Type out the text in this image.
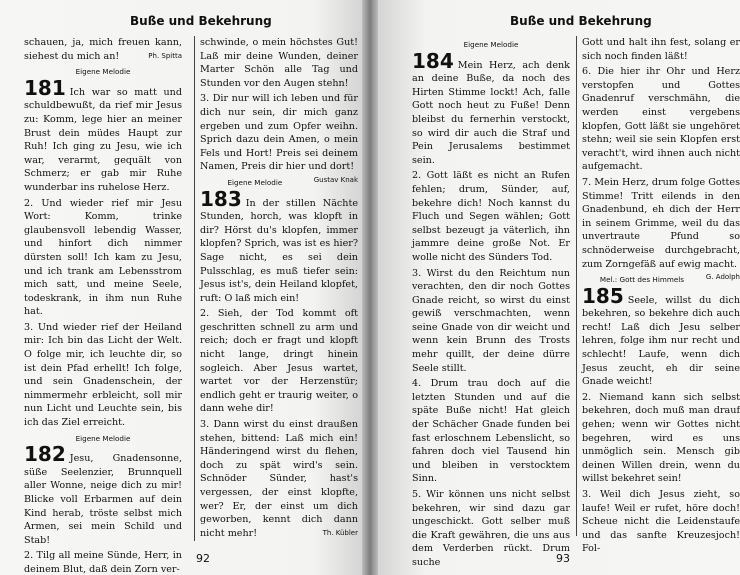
Buße und Bekehrung

schauen, ja, mich freuen kann, siehest du mich an!	Ph. Spitta

Eigene Melodie

181 Ich war so matt und schuldbewußt, da rief mir Jesus zu: Komm, lege hier an meiner Brust dein müdes Haupt zur Ruh! Ich ging zu Jesu, wie ich war, verarmt, gequält von Schmerz; er gab mir Ruhe wunderbar ins ruhelose Herz.

2. Und wieder rief mir Jesu Wort: Komm, trinke glaubensvoll lebendig Wasser, und hinfort dich nimmer dürsten soll! Ich kam zu Jesu, und ich trank am Lebensstrom mich satt, und meine Seele, todeskrank, in ihm nun Ruhe hat.

3. Und wieder rief der Heiland mir: Ich bin das Licht der Welt. O folge mir, ich leuchte dir, so ist dein Pfad erhellt! Ich folge, und sein Gnadenschein, der nimmermehr erbleicht, soll mir nun Licht und Leuchte sein, bis ich das Ziel erreicht.

Eigene Melodie

182 Jesu, Gnadensonne, süße Seelenzier, Brunnquell aller Wonne, neige dich zu mir! Blicke voll Erbarmen auf dein Kind herab, tröste selbst mich Armen, sei mein Schild und Stab!

2. Tilg all meine Sünde, Herr, in deinem Blut, daß dein Zorn ver-

schwinde, o mein höchstes Gut! Laß mir deine Wunden, deiner Marter Schön alle Tag und Stunden vor den Augen stehn!

3. Dir nur will ich leben und für dich nur sein, dir mich ganz ergeben und zum Opfer weihn. Sprich dazu dein Amen, o mein Fels und Hort! Preis sei deinem Namen, Preis dir hier und dort!
Gustav Knak

Eigene Melodie

183 In der stillen Nächte Stunden, horch, was klopft in dir? Hörst du's klopfen, immer klopfen? Sprich, was ist es hier? Sage nicht, es sei dein Pulsschlag, es muß tiefer sein: Jesus ist's, dein Heiland klopfet, ruft: O laß mich ein!

2. Sieh, der Tod kommt oft geschritten schnell zu arm und reich; doch er fragt und klopft nicht lange, dringt hinein sogleich. Aber Jesus wartet, wartet vor der Herzenstür; endlich geht er traurig weiter, o dann wehe dir!

3. Dann wirst du einst draußen stehen, bittend: Laß mich ein! Händeringend wirst du flehen, doch zu spät wird's sein. Schnöder Sünder, hast's vergessen, der einst klopfte, wer? Er, der einst um dich geworben, kennt dich dann nicht mehr!	Th. Kübler

92
Buße und Bekehrung
Eigene Melodie

184 Mein Herz, ach denk an deine Buße, da noch des Hirten Stimme lockt! Ach, falle Gott noch heut zu Fuße! Denn bleibst du fernerhin verstockt, so wird dir auch die Straf und Pein Jerusalems bestimmet sein.

2. Gott läßt es nicht an Rufen fehlen; drum, Sünder, auf, bekehre dich! Noch kannst du Fluch und Segen wählen; Gott selbst bezeugt ja väterlich, ihn jammre deine große Not. Er wolle nicht des Sünders Tod.

3. Wirst du den Reichtum nun verachten, den dir noch Gottes Gnade reicht, so wirst du einst gewiß verschmachten, wenn seine Gnade von dir weicht und wenn kein Brunn des Trosts mehr quillt, der deine dürre Seele stillt.

4. Drum trau doch auf die letzten Stunden und auf die späte Buße nicht! Hat gleich der Schächer Gnade funden bei fast erloschnem Lebenslicht, so fahren doch viel Tausend hin und bleiben in verstocktem Sinn.

5. Wir können uns nicht selbst bekehren, wir sind dazu gar ungeschickt. Gott selber muß die Kraft gewähren, die uns aus dem Verderben rückt. Drum suche

Gott und halt ihn fest, solang er sich noch finden läßt!

6. Die hier ihr Ohr und Herz verstopfen und Gottes Gnadenruf verschmähn, die werden einst vergebens klopfen, Gott läßt sie ungehöret stehn; weil sie sein Klopfen erst veracht't, wird ihnen auch nicht aufgemacht.

7. Mein Herz, drum folge Gottes Stimme! Tritt eilends in den Gnadenbund, eh dich der Herr in seinem Grimme, weil du das unvertraute Pfund so schnöderweise durchgebracht, zum Zorngefäß auf ewig macht.
G. Adolph

Mel.: Gott des Himmels

185 Seele, willst du dich bekehren, so bekehre dich auch recht! Laß dich Jesu selber lehren, folge ihm nur recht und schlecht! Laufe, wenn dich Jesus zeucht, eh dir seine Gnade weicht!

2. Niemand kann sich selbst bekehren, doch muß man drauf gehen; wenn wir Gottes nicht begehren, wird es uns unmöglich sein. Mensch gib deinen Willen drein, wenn du willst bekehret sein!

3. Weil dich Jesus zieht, so laufe! Weil er rufet, höre doch! Scheue nicht die Leidenstaufe und das sanfte Kreuzesjoch! Fol-

93
